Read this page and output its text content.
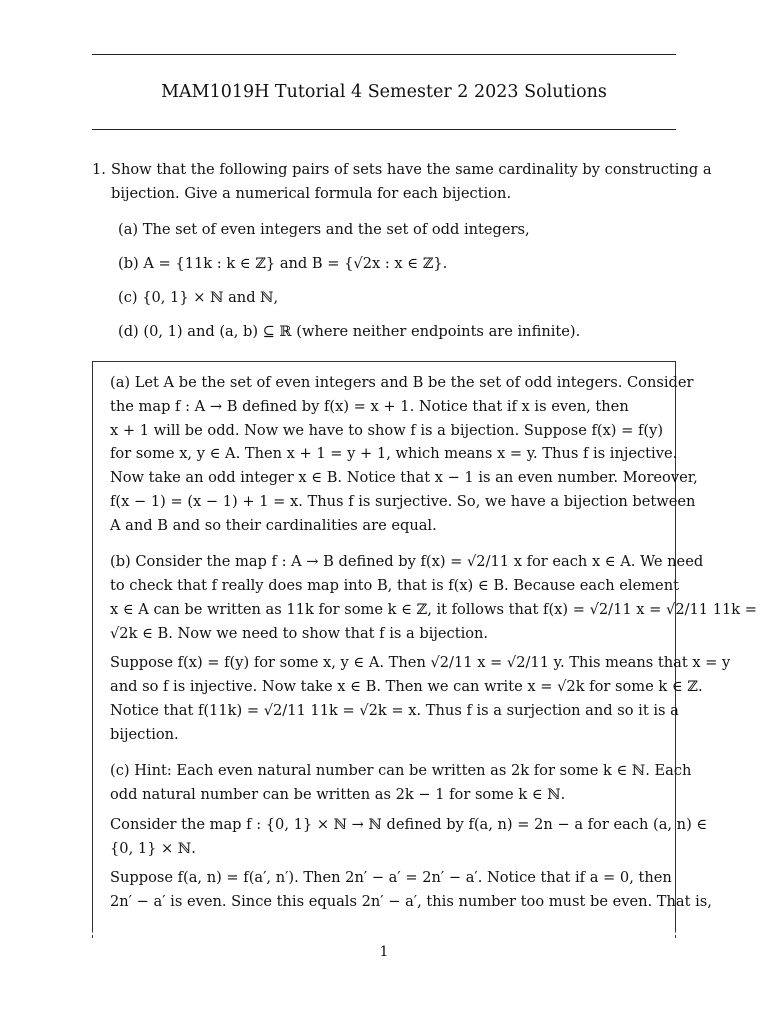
MAM1019H Tutorial 4 Semester 2 2023 Solutions
1. Show that the following pairs of sets have the same cardinality by constructing a
bijection. Give a numerical formula for each bijection.
(a) The set of even integers and the set of odd integers,
(b) A = {11k : k ∈ ℤ} and B = {√2x : x ∈ ℤ}.
(c) {0, 1} × ℕ and ℕ,
(d) (0, 1) and (a, b) ⊆ ℝ (where neither endpoints are infinite).
(a) Let A be the set of even integers and B be the set of odd integers. Consider
the map f : A → B defined by f(x) = x + 1. Notice that if x is even, then
x + 1 will be odd. Now we have to show f is a bijection. Suppose f(x) = f(y)
for some x, y ∈ A. Then x + 1 = y + 1, which means x = y. Thus f is injective.
Now take an odd integer x ∈ B. Notice that x − 1 is an even number. Moreover,
f(x − 1) = (x − 1) + 1 = x. Thus f is surjective. So, we have a bijection between
A and B and so their cardinalities are equal.
(b) Consider the map f : A → B defined by f(x) = √2/11 x for each x ∈ A. We need
to check that f really does map into B, that is f(x) ∈ B. Because each element
x ∈ A can be written as 11k for some k ∈ ℤ, it follows that f(x) = √2/11 x = √2/11 11k =
√2k ∈ B. Now we need to show that f is a bijection.
Suppose f(x) = f(y) for some x, y ∈ A. Then √2/11 x = √2/11 y. This means that x = y
and so f is injective. Now take x ∈ B. Then we can write x = √2k for some k ∈ ℤ.
Notice that f(11k) = √2/11 11k = √2k = x. Thus f is a surjection and so it is a
bijection.
(c) Hint: Each even natural number can be written as 2k for some k ∈ ℕ. Each
odd natural number can be written as 2k − 1 for some k ∈ ℕ.
Consider the map f : {0, 1} × ℕ → ℕ defined by f(a, n) = 2n − a for each (a, n) ∈
{0, 1} × ℕ.
Suppose f(a, n) = f(a′, n′). Then 2n′ − a′ = 2n′ − a′. Notice that if a = 0, then
2n′ − a′ is even. Since this equals 2n′ − a′, this number too must be even. That is,
1
